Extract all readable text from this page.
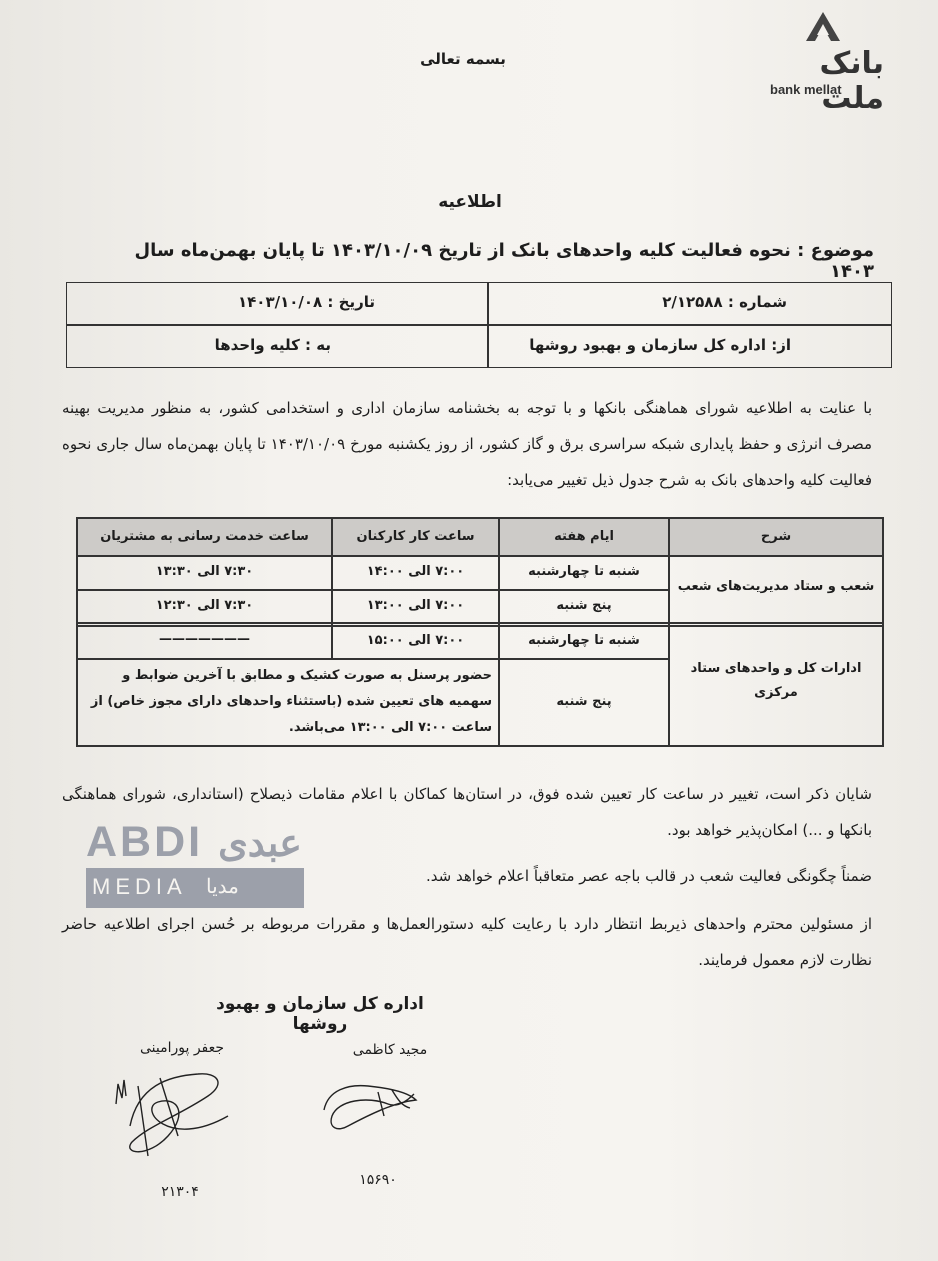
بسمه تعالی	بانک ملت
bank mellat
اطلاعیه
موضوع : نحوه فعالیت کلیه واحدهای بانک از تاریخ ۱۴۰۳/۱۰/۰۹ تا پایان بهمن‌ماه سال ۱۴۰۳
شماره : ۲/۱۲۵۸۸
تاریخ : ۱۴۰۳/۱۰/۰۸
از: اداره کل سازمان و بهبود روشها
به : کلیه واحدها
با عنایت به اطلاعیه شورای هماهنگی بانکها و با توجه به بخشنامه سازمان اداری و استخدامی کشور، به منظور مدیریت بهینه مصرف انرژی و حفظ پایداری شبکه سراسری برق و گاز کشور، از روز یکشنبه مورخ ۱۴۰۳/۱۰/۰۹ تا پایان بهمن‌ماه سال جاری نحوه فعالیت کلیه واحدهای بانک به شرح جدول ذیل تغییر می‌یابد:
شرح
ایام هفته
ساعت کار کارکنان
ساعت خدمت رسانی به مشتریان
شعب و ستاد مدیریت‌های شعب
شنبه تا چهارشنبه
۷:۰۰ الی ۱۴:۰۰
۷:۳۰ الی ۱۳:۳۰
پنج شنبه
۷:۰۰ الی ۱۳:۰۰
۷:۳۰ الی ۱۲:۳۰
ادارات کل و واحدهای ستاد مرکزی
شنبه تا چهارشنبه
۷:۰۰ الی ۱۵:۰۰
———————
پنج شنبه
حضور پرسنل به صورت کشیک و مطابق با آخرین ضوابط و سهمیه های تعیین شده (باستثناء واحدهای دارای مجوز خاص) از ساعت ۷:۰۰ الی ۱۳:۰۰ می‌باشد.
شایان ذکر است، تغییر در ساعت کار تعیین شده فوق، در استان‌ها کماکان با اعلام مقامات ذیصلاح (استانداری، شورای هماهنگی بانکها و ...) امکان‌پذیر خواهد بود.
ضمناً چگونگی فعالیت شعب در قالب باجه عصر متعاقباً اعلام خواهد شد.
از مسئولین محترم واحدهای ذیربط انتظار دارد با رعایت کلیه دستورالعمل‌ها و مقررات مربوطه بر حُسن اجرای اطلاعیه حاضر نظارت لازم معمول فرمایند.
ABDI عبدی
MEDIA مدیا
اداره کل سازمان و بهبود روشها
جعفر پورامینی	مجید کاظمی
۲۱۳۰۴
۱۵۶۹۰
